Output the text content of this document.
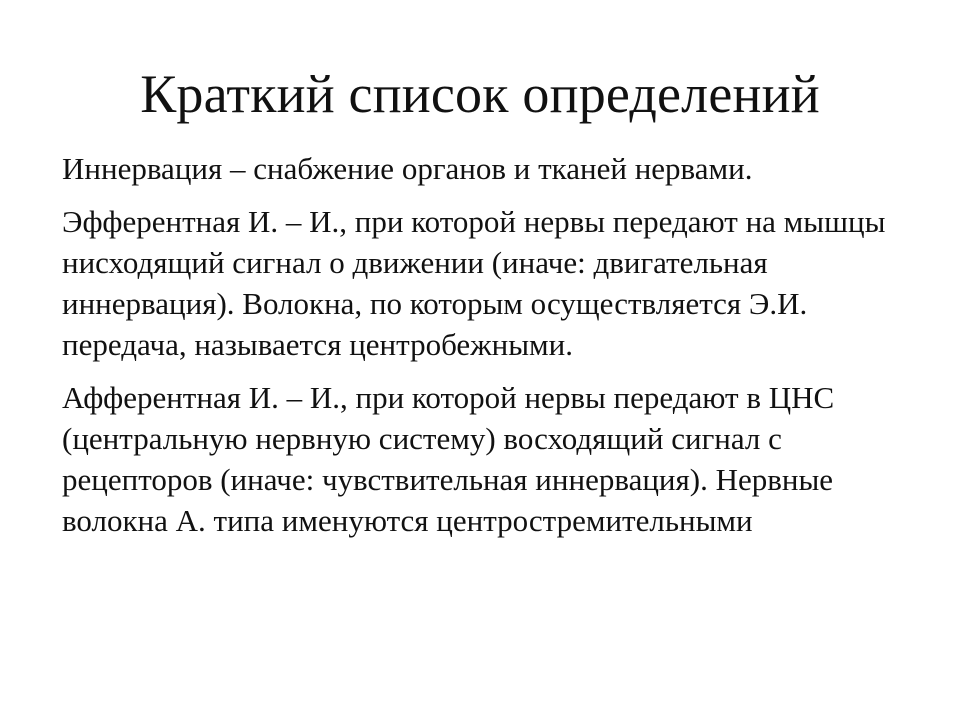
Краткий список определений

Иннервация – снабжение органов и тканей нервами.

Эфферентная И. – И., при которой нервы передают на мышцы нисходящий сигнал о движении (иначе: двигательная иннервация). Волокна, по которым осуществляется Э.И. передача, называется центробежными.

Афферентная И. – И., при которой нервы передают в ЦНС (центральную нервную систему) восходящий сигнал с рецепторов (иначе: чувствительная иннервация). Нервные волокна А. типа именуются центростремительными
